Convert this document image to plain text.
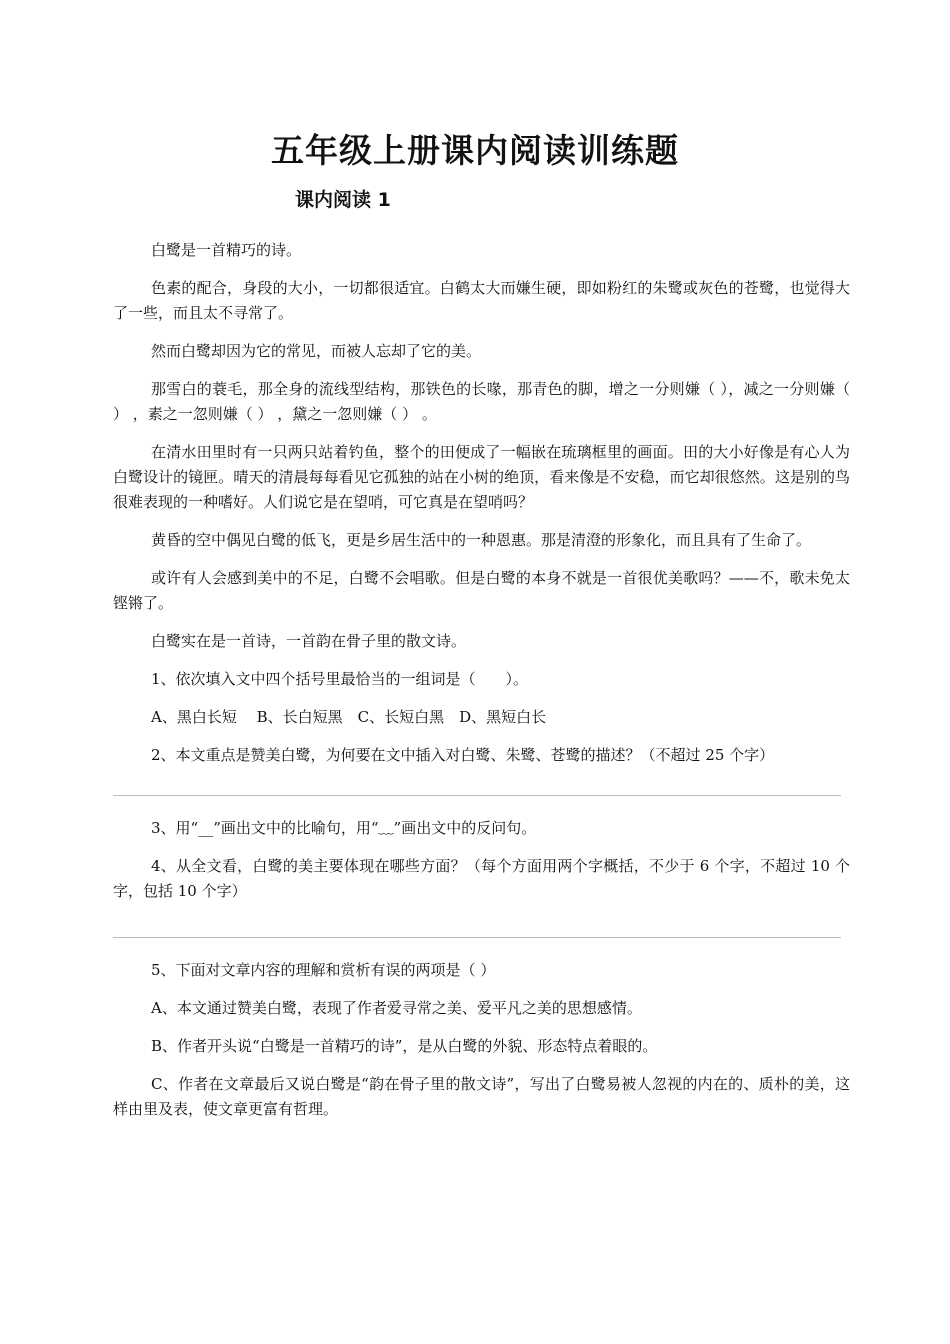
五年级上册课内阅读训练题
课内阅读 1

白鹭是一首精巧的诗。

色素的配合，身段的大小，一切都很适宜。白鹤太大而嫌生硬，即如粉红的朱鹭或灰色的苍鹭，也觉得大了一些，而且太不寻常了。

然而白鹭却因为它的常见，而被人忘却了它的美。

那雪白的蓑毛，那全身的流线型结构，那铁色的长喙，那青色的脚，增之一分则嫌（ ），减之一分则嫌（ ） ，素之一忽则嫌（ ） ，黛之一忽则嫌（ ） 。

在清水田里时有一只两只站着钓鱼，整个的田便成了一幅嵌在琉璃框里的画面。田的大小好像是有心人为白鹭设计的镜匣。晴天的清晨每每看见它孤独的站在小树的绝顶，看来像是不安稳，而它却很悠然。这是别的鸟很难表现的一种嗜好。人们说它是在望哨，可它真是在望哨吗？

黄昏的空中偶见白鹭的低飞，更是乡居生活中的一种恩惠。那是清澄的形象化，而且具有了生命了。

或许有人会感到美中的不足，白鹭不会唱歌。但是白鹭的本身不就是一首很优美歌吗？——不，歌未免太铿锵了。

白鹭实在是一首诗，一首韵在骨子里的散文诗。

1、依次填入文中四个括号里最恰当的一组词是（　　）。

A、黑白长短　 B、长白短黑　C、长短白黑　D、黑短白长

2、本文重点是赞美白鹭，为何要在文中插入对白鹭、朱鹭、苍鹭的描述？（不超过 25 个字）

3、用“__”画出文中的比喻句，用“﹏”画出文中的反问句。

4、从全文看，白鹭的美主要体现在哪些方面？（每个方面用两个字概括，不少于 6 个字，不超过 10 个字，包括 10 个字）

5、下面对文章内容的理解和赏析有误的两项是（ ）

A、本文通过赞美白鹭，表现了作者爱寻常之美、爱平凡之美的思想感情。

B、作者开头说“白鹭是一首精巧的诗”，是从白鹭的外貌、形态特点着眼的。

C、作者在文章最后又说白鹭是“韵在骨子里的散文诗”，写出了白鹭易被人忽视的内在的、质朴的美，这样由里及表，使文章更富有哲理。
